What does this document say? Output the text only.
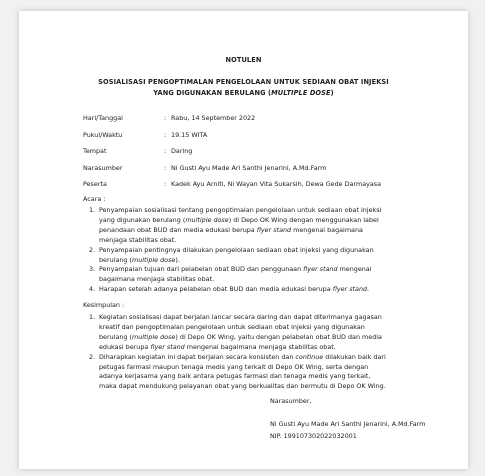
NOTULEN
SOSIALISASI PENGOPTIMALAN PENGELOLAAN UNTUK SEDIAAN OBAT INJEKSI
YANG DIGUNAKAN BERULANG (MULTIPLE DOSE)
Hari/Tanggal	: Rabu, 14 September 2022
Pukul/Waktu	: 19.15 WITA
Tempat	: Daring
Narasumber	: Ni Gusti Ayu Made Ari Santhi Jenarini, A.Md.Farm
Peserta	: Kadek Ayu Arniti, Ni Wayan Vita Sukarsih, Dewa Gede Darmayasa
Acara :
1. Penyampaian sosialisasi tentang pengoptimalan pengelolaan untuk sediaan obat injeksi
yang digunakan berulang (multiple dose) di Depo OK Wing dengan menggunakan label
penandaan obat BUD dan media edukasi berupa flyer stand mengenai bagaimana
menjaga stabilitas obat.
2. Penyampaian pentingnya dilakukan pengelolaan sediaan obat injeksi yang digunakan
berulang (multiple dose).
3. Penyampaian tujuan dari pelabelan obat BUD dan penggunaan flyer stand mengenai
bagaimana menjaga stabilitas obat.
4. Harapan setelah adanya pelabelan obat BUD dan media edukasi berupa flyer stand.
Kesimpulan :
1. Kegiatan sosialisasi dapat berjalan lancar secara daring dan dapat diterimanya gagasan
kreatif dan pengoptimalan pengelolaan untuk sediaan obat injeksi yang digunakan
berulang (multiple dose) di Depo OK Wing, yaitu dengan pelabelan obat BUD dan media
edukasi berupa flyer stand mengenai bagaimana menjaga stabilitas obat.
2. Diharapkan kegiatan ini dapat berjalan secara konsisten dan continue dilakukan baik dari
petugas farmasi maupun tenaga medis yang terkait di Depo OK Wing, serta dengan
adanya kerjasama yang baik antara petugas farmasi dan tenaga medis yang terkait,
maka dapat mendukung pelayanan obat yang berkualitas dan bermutu di Depo OK Wing.
Narasumber,
Ni Gusti Ayu Made Ari Santhi Jenarini, A.Md.Farm
NIP. 199107302022032001
